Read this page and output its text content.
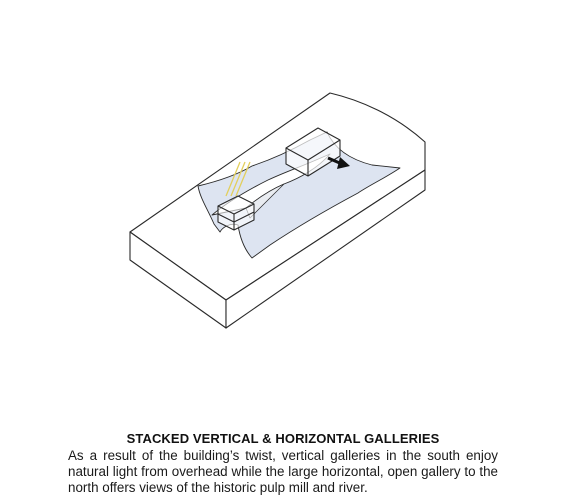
STACKED VERTICAL & HORIZONTAL GALLERIES

As a result of the building’s twist, vertical galleries in the south enjoy natural light from overhead while the large horizontal, open gallery to the north offers views of the historic pulp mill and river.
